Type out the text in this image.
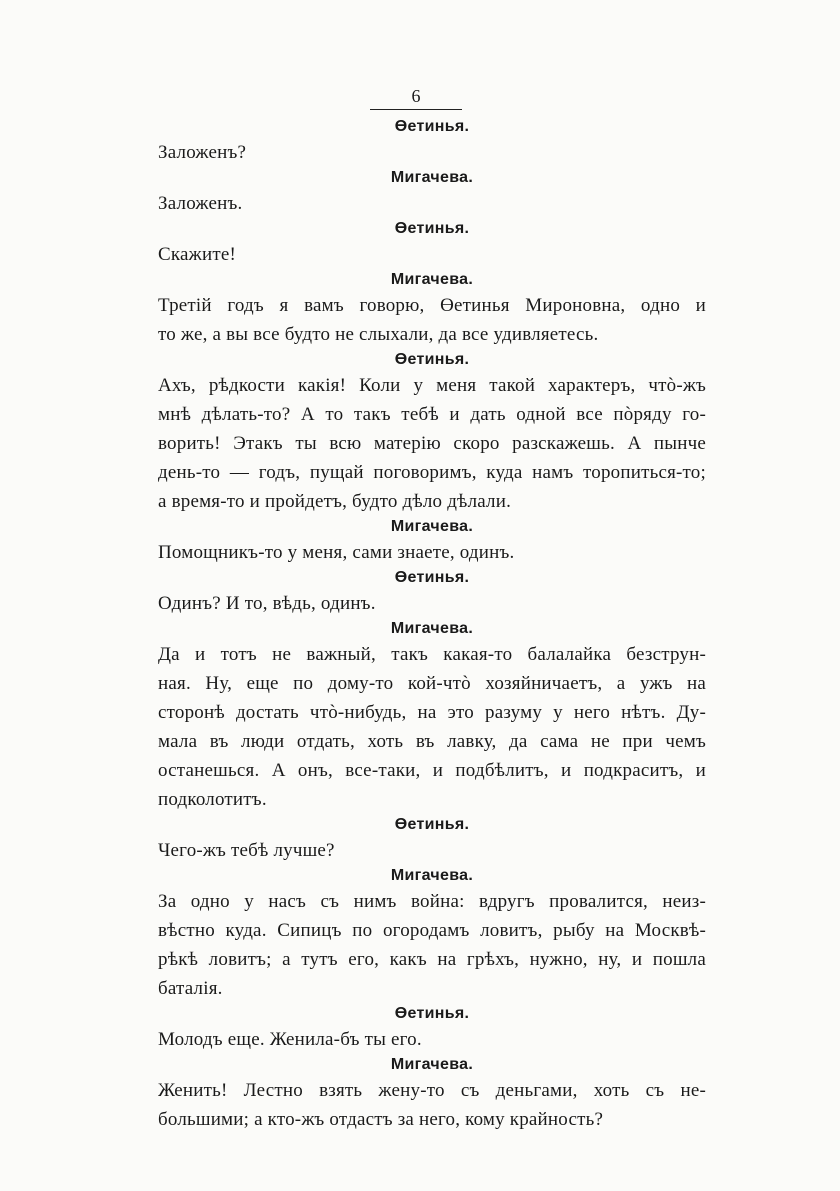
6
Өетинья.
Заложенъ?
Мигачева.
Заложенъ.
Өетинья.
Скажите!
Мигачева.
Третій годъ я вамъ говорю, Өетинья Мироновна, одно и
то же, а вы все будто не слыхали, да все удивляетесь.
Өетинья.
Ахъ, рѣдкости какія! Коли у меня такой характеръ, чтò-жъ
мнѣ дѣлать-то? А то такъ тебѣ и дать одной все пòряду го-
ворить! Этакъ ты всю матерію скоро разскажешь. А пынче
день-то — годъ, пущай поговоримъ, куда намъ торопиться-то;
а время-то и пройдетъ, будто дѣло дѣлали.
Мигачева.
Помощникъ-то у меня, сами знаете, одинъ.
Өетинья.
Одинъ? И то, вѣдь, одинъ.
Мигачева.
Да и тотъ не важный, такъ какая-то балалайка безструн-
ная. Ну, еще по дому-то кой-чтò хозяйничаетъ, а ужъ на
сторонѣ достать чтò-нибудь, на это разуму у него нѣтъ. Ду-
мала въ люди отдать, хоть въ лавку, да сама не при чемъ
останешься. А онъ, все-таки, и подбѣлитъ, и подкраситъ, и
подколотитъ.
Өетинья.
Чего-жъ тебѣ лучше?
Мигачева.
За одно у насъ съ нимъ война: вдругъ провалится, неиз-
вѣстно куда. Сипицъ по огородамъ ловитъ, рыбу на Москвѣ-
рѣкѣ ловитъ; а тутъ его, какъ на грѣхъ, нужно, ну, и пошла
баталія.
Өетинья.
Молодъ еще. Женила-бъ ты его.
Мигачева.
Женить! Лестно взять жену-то съ деньгами, хоть съ не-
большими; а кто-жъ отдастъ за него, кому крайность?
